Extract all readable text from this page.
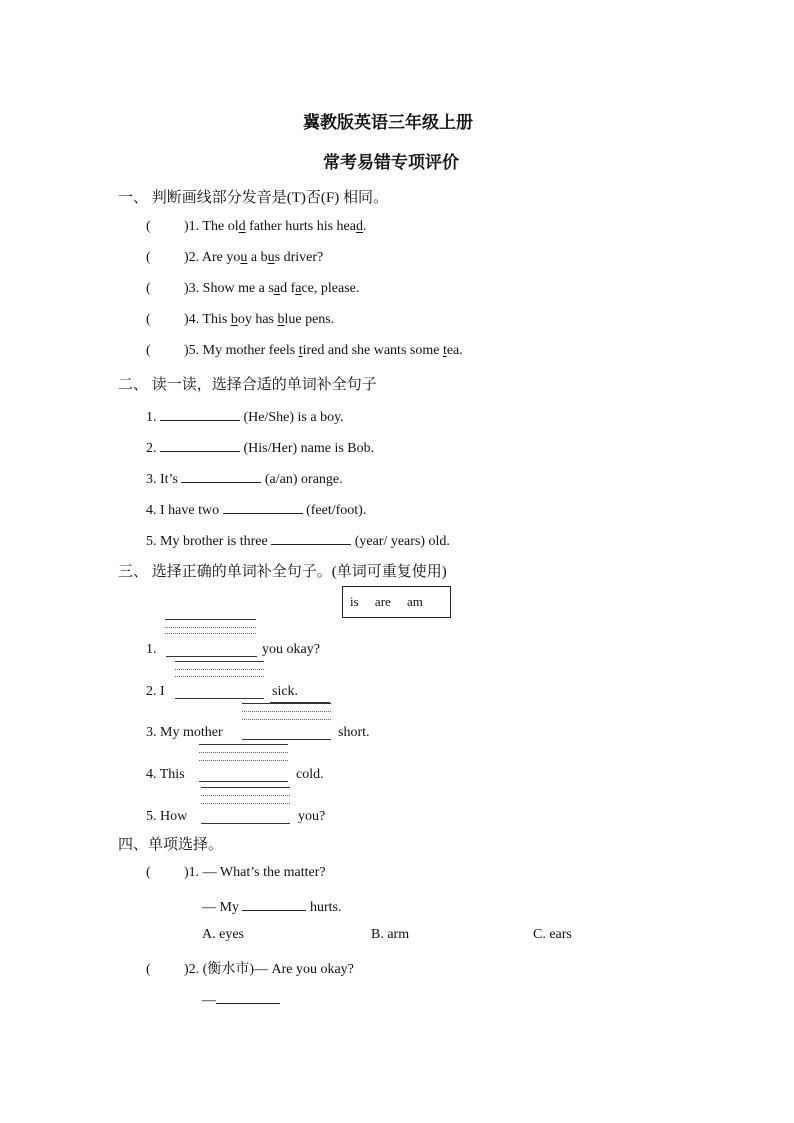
冀教版英语三年级上册
常考易错专项评价
一、 判断画线部分发音是(T)否(F) 相同。
( )1. The old father hurts his head.
( )2. Are you a bus driver?
( )3. Show me a sad face, please.
( )4. This boy has blue pens.
( )5. My mother feels tired and she wants some tea.
二、 读一读，选择合适的单词补全句子
1.	(He/She) is a boy.
2.	(His/Her) name is Bob.
3. It’s	(a/an) orange.
4. I have two	(feet/foot).
5. My brother is three	(year/ years) old.
三、 选择正确的单词补全句子。(单词可重复使用)
is     are     am
1.	you okay?
2. I	sick.
3. My mother	short.
4. This	cold.
5. How	you?
四、单项选择。
( )1. — What’s the matter?
— My	hurts.
A. eyes	B. arm	C. ears
( )2. (衡水市)— Are you okay?
—
